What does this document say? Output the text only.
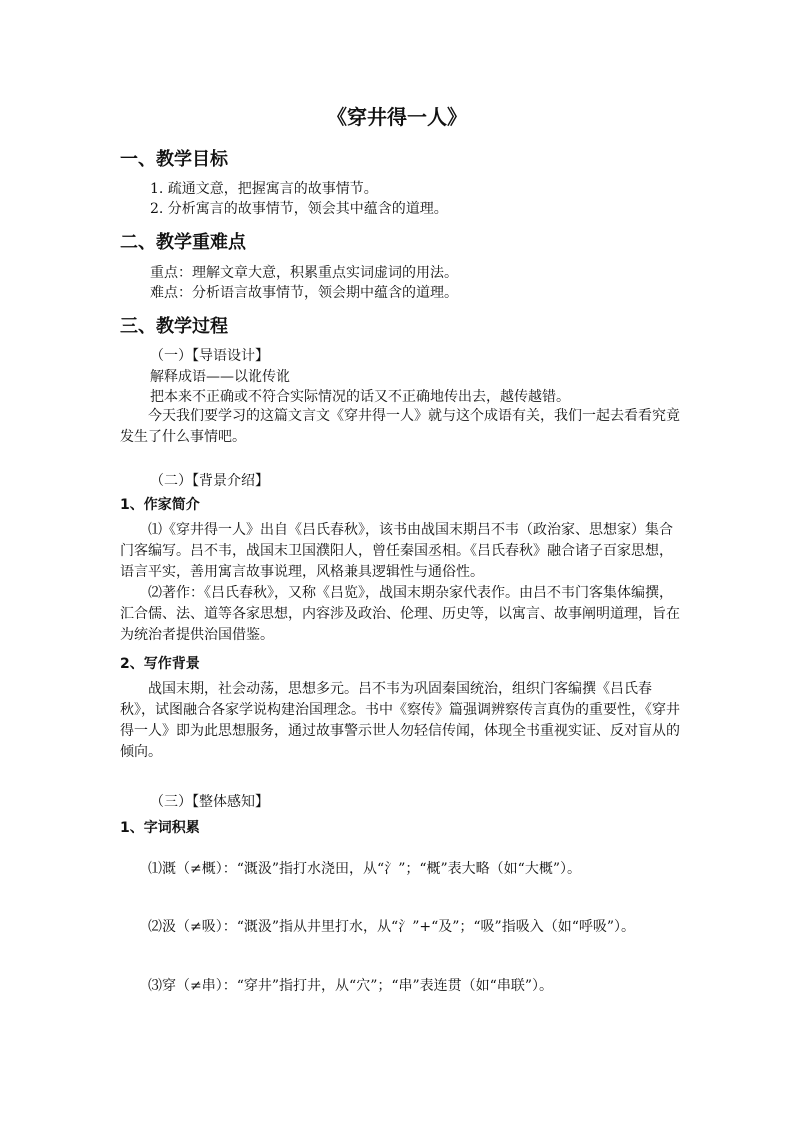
《穿井得一人》
一、教学目标
1. 疏通文意，把握寓言的故事情节。
2. 分析寓言的故事情节，领会其中蕴含的道理。
二、教学重难点
重点：理解文章大意，积累重点实词虚词的用法。
难点：分析语言故事情节，领会期中蕴含的道理。
三、教学过程
（一）【导语设计】
解释成语——以讹传讹
把本来不正确或不符合实际情况的话又不正确地传出去，越传越错。
今天我们要学习的这篇文言文《穿井得一人》就与这个成语有关，我们一起去看看究竟发生了什么事情吧。
（二）【背景介绍】
1、作家简介
⑴《穿井得一人》出自《吕氏春秋》，该书由战国末期吕不韦（政治家、思想家）集合门客编写。吕不韦，战国末卫国濮阳人，曾任秦国丞相。《吕氏春秋》融合诸子百家思想，语言平实，善用寓言故事说理，风格兼具逻辑性与通俗性。
⑵著作：《吕氏春秋》，又称《吕览》，战国末期杂家代表作。由吕不韦门客集体编撰，汇合儒、法、道等各家思想，内容涉及政治、伦理、历史等，以寓言、故事阐明道理，旨在为统治者提供治国借鉴。
2、写作背景
战国末期，社会动荡，思想多元。吕不韦为巩固秦国统治，组织门客编撰《吕氏春秋》，试图融合各家学说构建治国理念。书中《察传》篇强调辨察传言真伪的重要性，《穿井得一人》即为此思想服务，通过故事警示世人勿轻信传闻，体现全书重视实证、反对盲从的倾向。
（三）【整体感知】
1、字词积累
⑴溉（≠概）：“溉汲”指打水浇田，从“氵”；“概”表大略（如“大概”）。
⑵汲（≠吸）：“溉汲”指从井里打水，从“氵”+“及”；“吸”指吸入（如“呼吸”）。
⑶穿（≠串）：“穿井”指打井，从“穴”；“串”表连贯（如“串联”）。
